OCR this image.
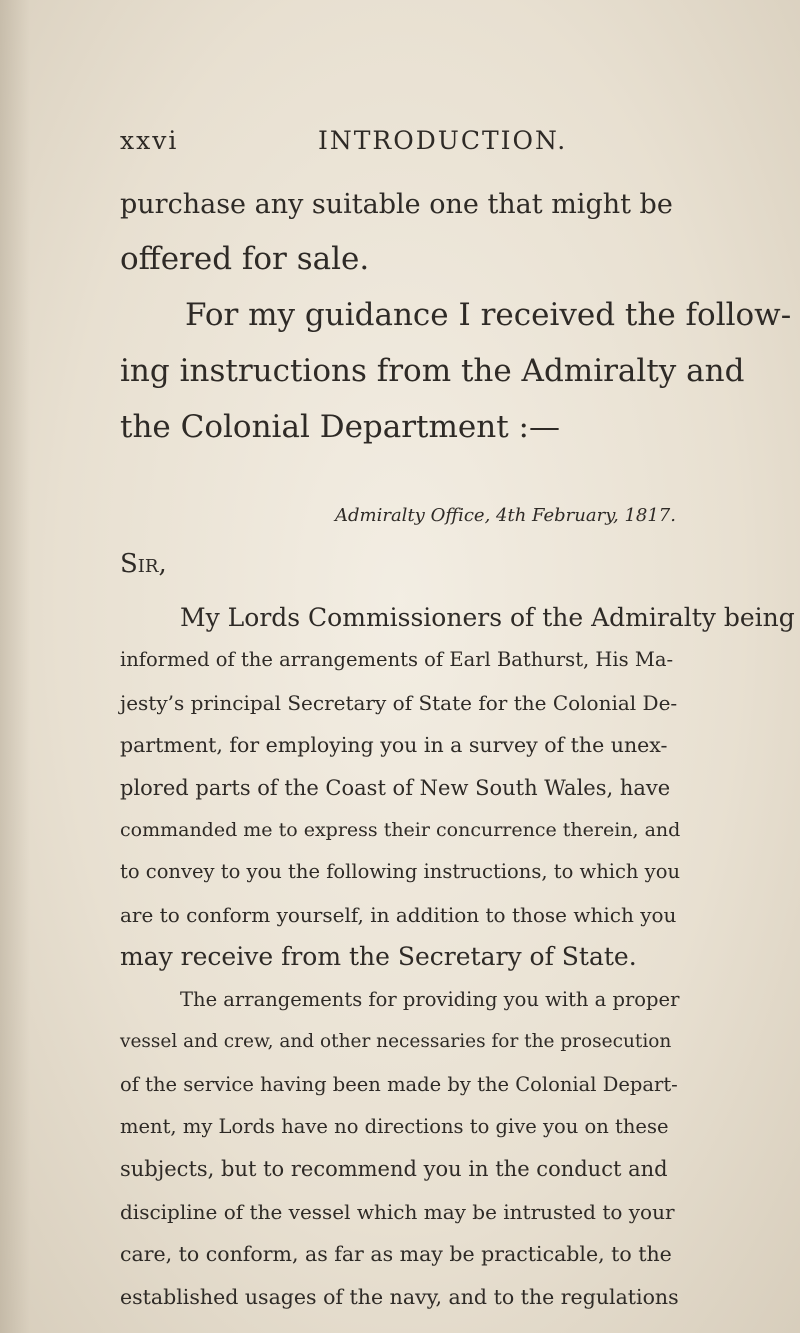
xxvi	INTRODUCTION.
purchase any suitable one that might be
offered for sale.
For my guidance I received the follow-
ing instructions from the Admiralty and
the Colonial Department :—
Admiralty Office, 4th February, 1817.
Sir,
My Lords Commissioners of the Admiralty being
informed of the arrangements of Earl Bathurst, His Ma-
jesty’s principal Secretary of State for the Colonial De-
partment, for employing you in a survey of the unex-
plored parts of the Coast of New South Wales, have
commanded me to express their concurrence therein, and
to convey to you the following instructions, to which you
are to conform yourself, in addition to those which you
may receive from the Secretary of State.
The arrangements for providing you with a proper
vessel and crew, and other necessaries for the prosecution
of the service having been made by the Colonial Depart-
ment, my Lords have no directions to give you on these
subjects, but to recommend you in the conduct and
discipline of the vessel which may be intrusted to your
care, to conform, as far as may be practicable, to the
established usages of the navy, and to the regulations
